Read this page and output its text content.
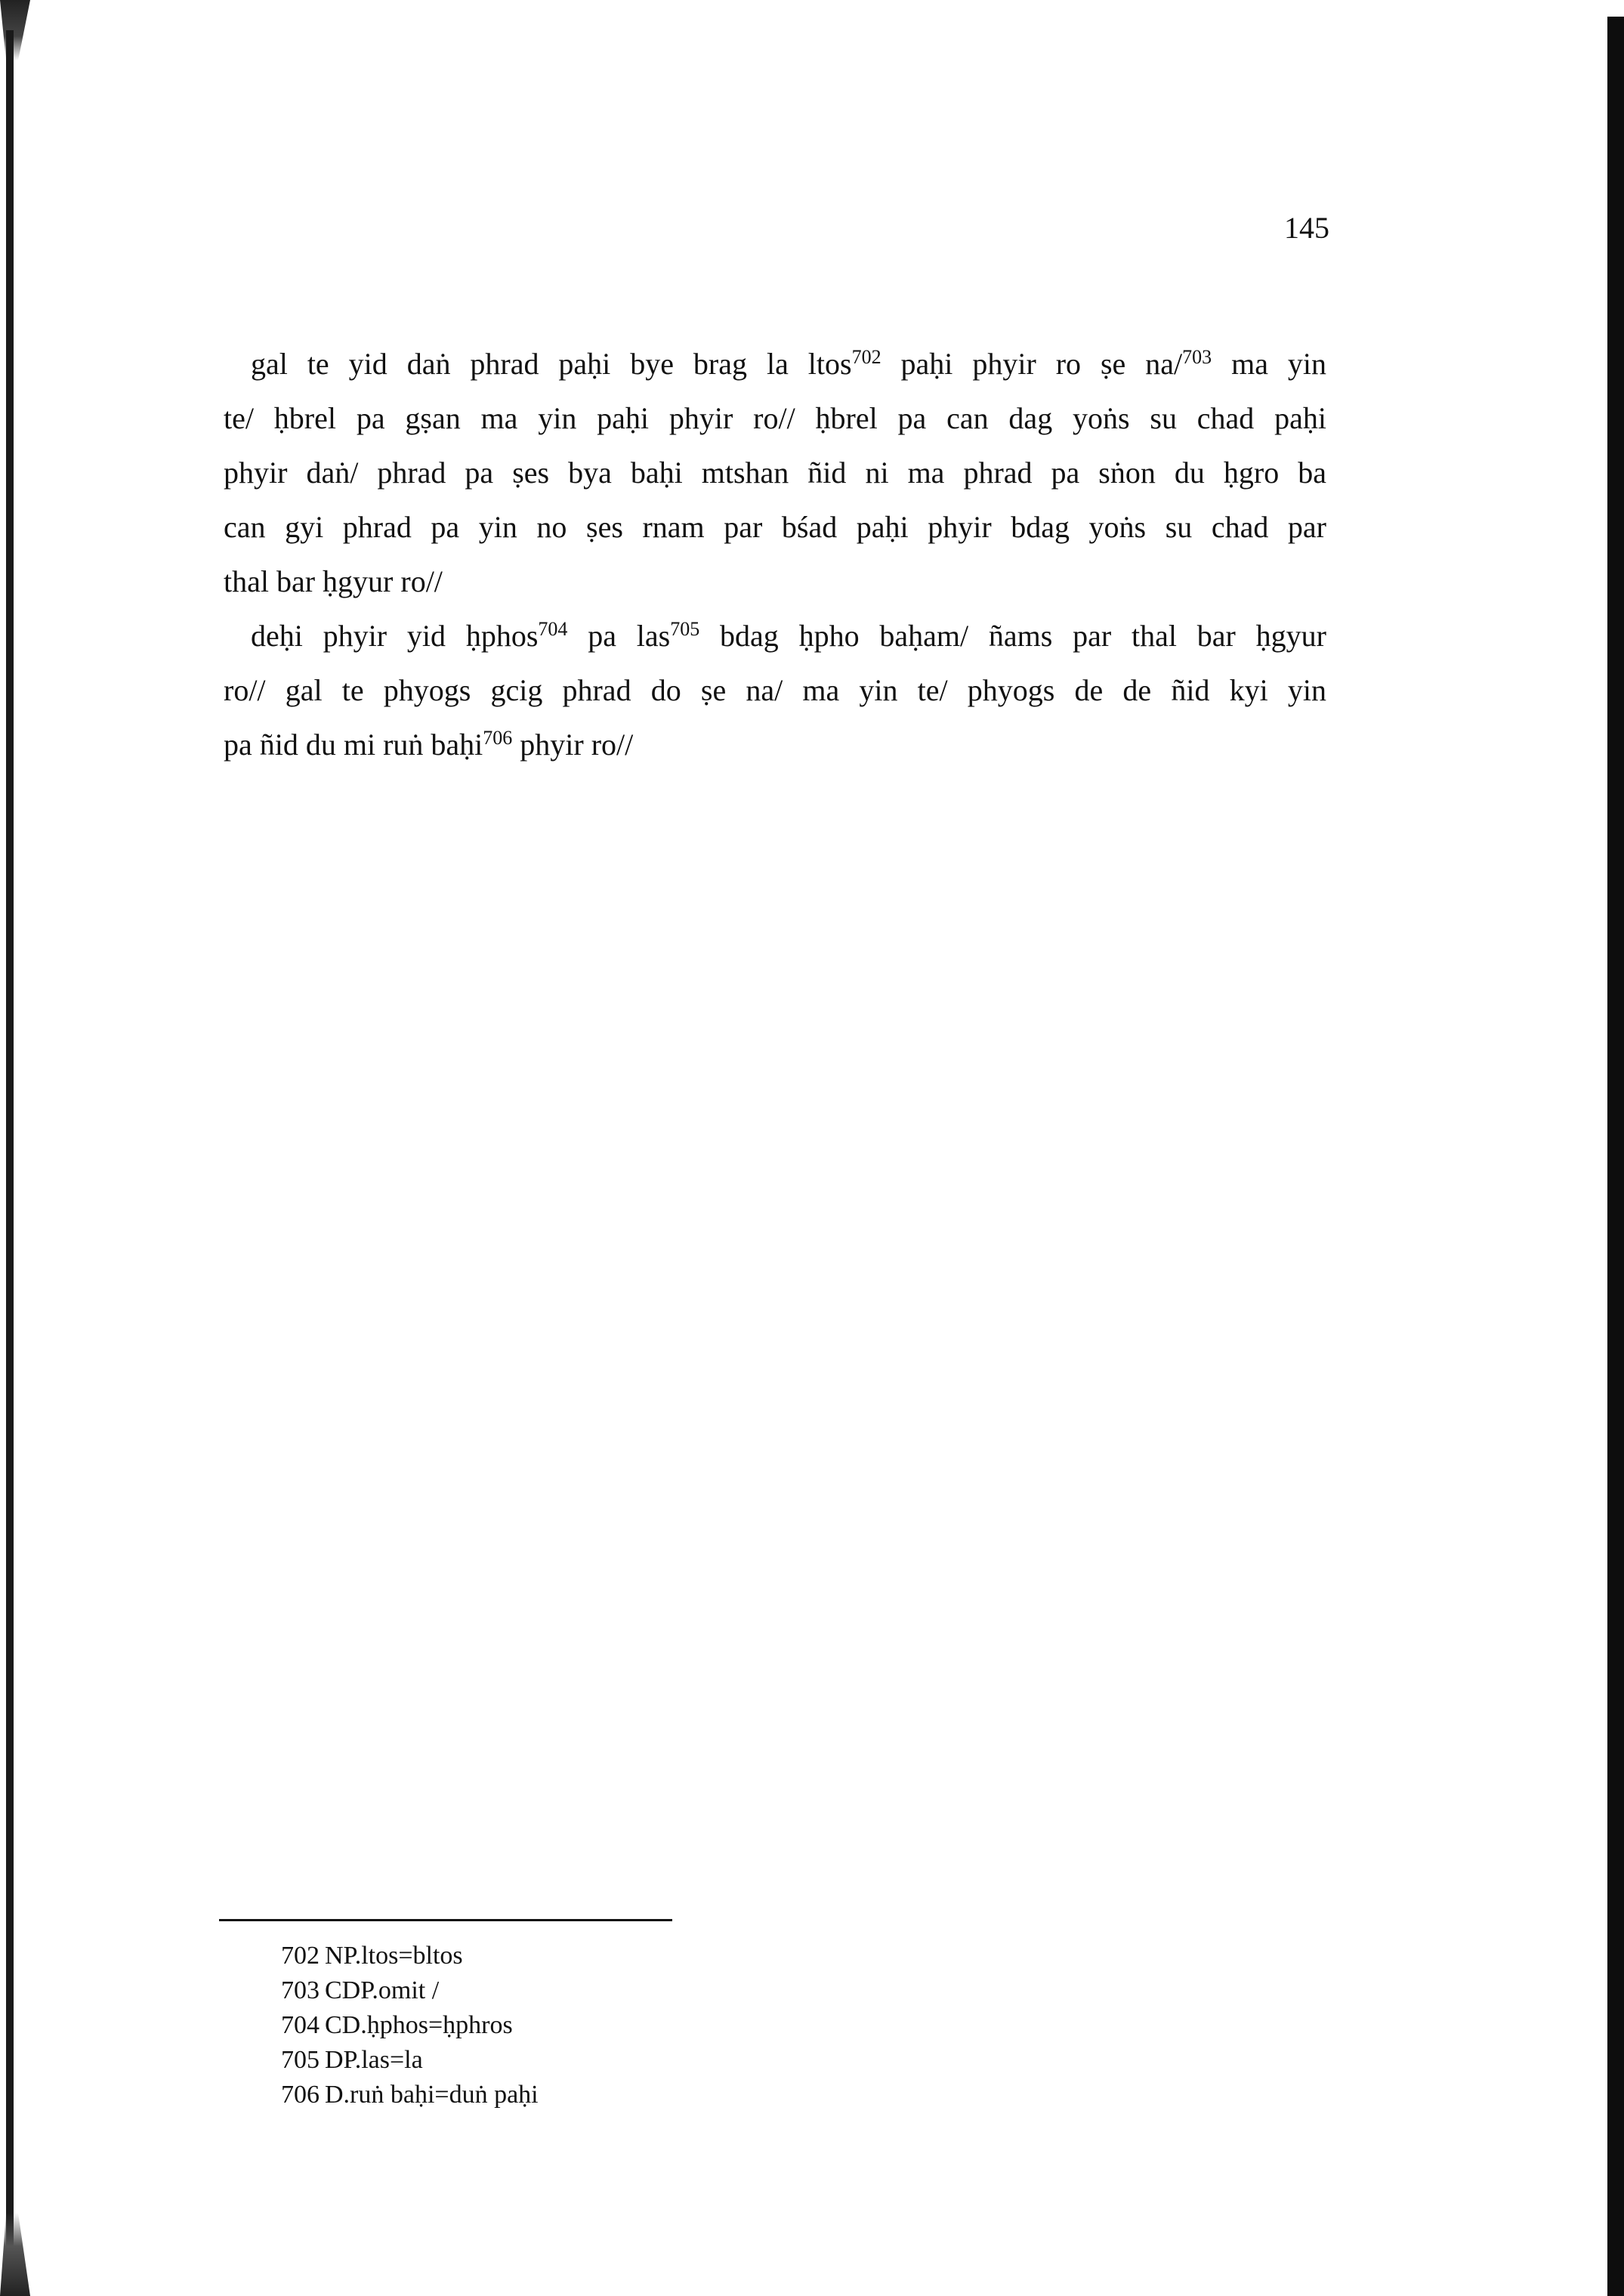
145
gal te yid daṅ phrad paḥi bye brag la ltos$^{702}$ paḥi phyir ro ṣe na/$^{703}$ ma yin
te/ ḥbrel pa gṣan ma yin paḥi phyir ro// ḥbrel pa can dag yoṅs su chad paḥi
phyir daṅ/ phrad pa ṣes bya baḥi mtshan ñid ni ma phrad pa sṅon du ḥgro ba
can gyi phrad pa yin no ṣes rnam par bśad paḥi phyir bdag yoṅs su chad par
thal bar ḥgyur ro//
deḥi phyir yid ḥphos$^{704}$ pa las$^{705}$ bdag ḥpho baḥam/ ñams par thal bar ḥgyur
ro// gal te phyogs gcig phrad do ṣe na/ ma yin te/ phyogs de de ñid kyi yin
pa ñid du mi ruṅ baḥi$^{706}$ phyir ro//
702 NP.ltos=bltos
703 CDP.omit /
704 CD.ḥphos=ḥphros
705 DP.las=la
706 D.ruṅ baḥi=duṅ paḥi
